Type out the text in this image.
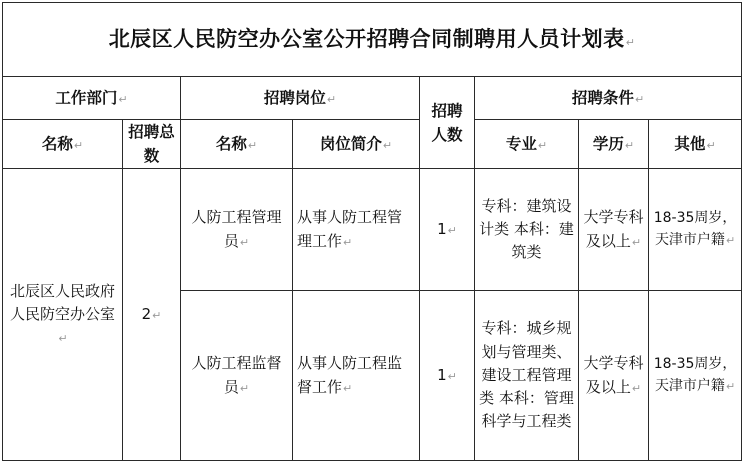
北辰区人民防空办公室公开招聘合同制聘用人员计划表↵							
工作部门↵		招聘岗位↵		招聘人数	招聘条件↵		
名称↵	招聘总数	名称↵	岗位简介↵		专业↵	学历↵	其他↵
北辰区人民政府人民防空办公室↵	2↵	人防工程管理员↵	从事人防工程管理工作↵	1↵	专科：建筑设计类 本科：建筑类	大学专科及以上↵	18-35周岁，天津市户籍↵
		人防工程监督员↵	从事人防工程监督工作↵	1↵	专科：城乡规划与管理类、建设工程管理类 本科：管理科学与工程类	大学专科及以上↵	18-35周岁，天津市户籍↵
